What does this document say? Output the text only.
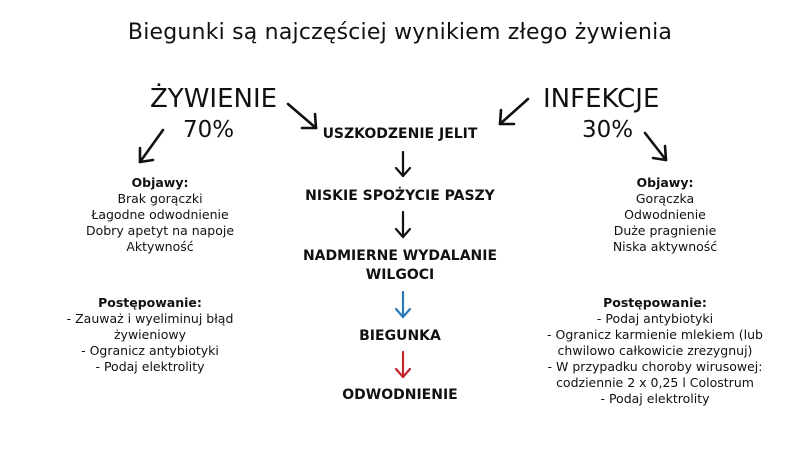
Biegunki są najczęściej wynikiem złego żywienia
ŻYWIENIE
70%
Objawy:
Brak gorączki
Łagodne odwodnienie
Dobry apetyt na napoje
Aktywność
Postępowanie:
- Zauważ i wyeliminuj błąd
żywieniowy
- Ogranicz antybiotyki
- Podaj elektrolity
INFEKCJE
30%
Objawy:
Gorączka
Odwodnienie
Duże pragnienie
Niska aktywność
Postępowanie:
- Podaj antybiotyki
- Ogranicz karmienie mlekiem (lub
chwilowo całkowicie zrezygnuj)
- W przypadku choroby wirusowej:
codziennie 2 x 0,25 l Colostrum
- Podaj elektrolity
USZKODZENIE JELIT
NISKIE SPOŻYCIE PASZY
NADMIERNE WYDALANIE
WILGOCI
BIEGUNKA
ODWODNIENIE
